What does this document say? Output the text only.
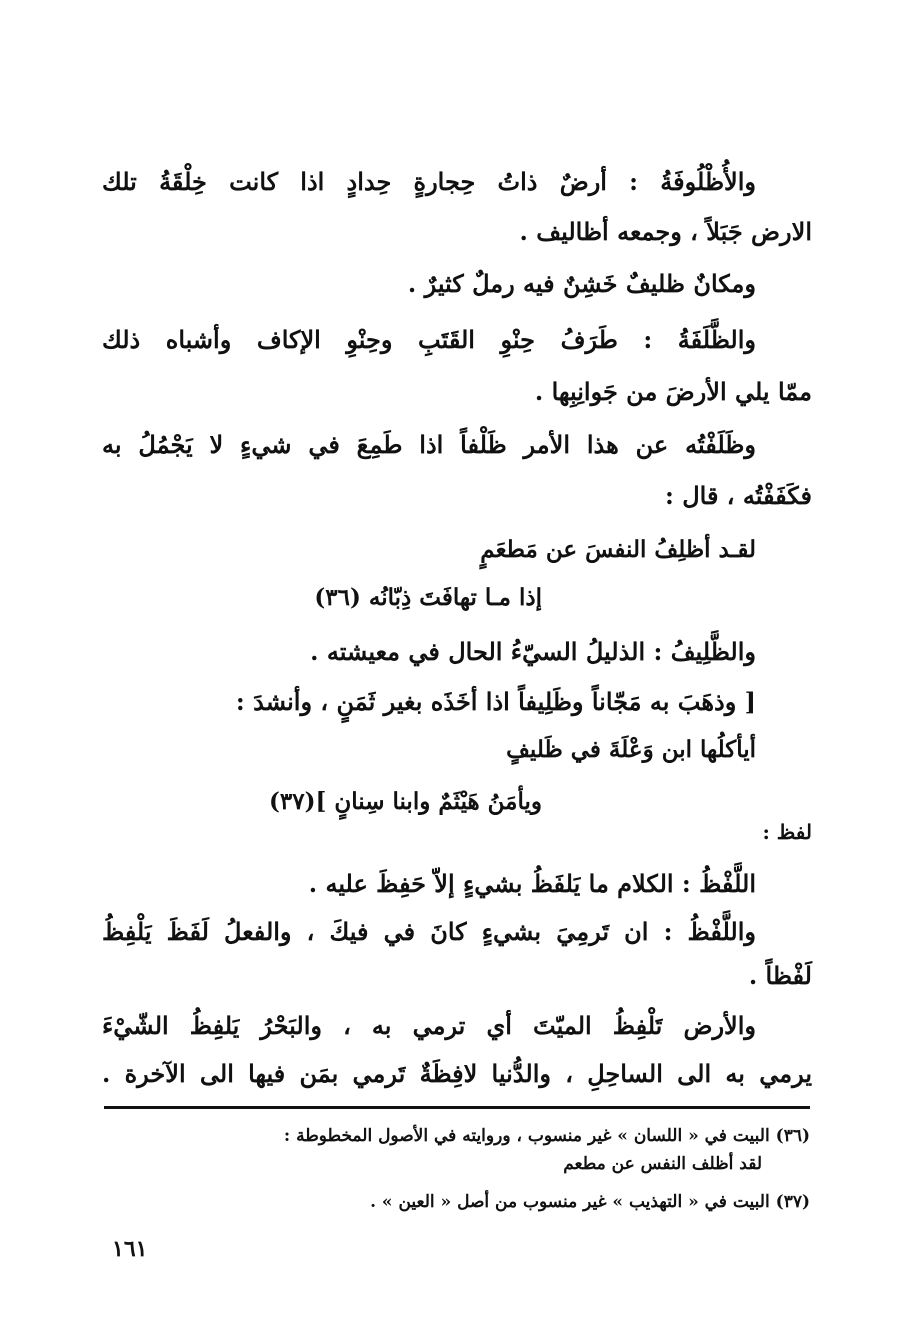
والأُظْلُوفَةُ : أرضٌ ذاتُ حِجارةٍ حِدادٍ اذا كانت خِلْقَةُ تلك
الارض جَبَلاً ، وجمعه أظاليف .
ومكانٌ ظليفٌ خَشِنٌ فيه رملٌ كثيرٌ .
والظَّلَفَةُ : طَرَفُ حِنْوِ القَتَبِ وحِنْوِ الإكاف وأشباه ذلك
ممّا يلي الأرضَ من جَوانِبِها .
وظَلَفْتُه عن هذا الأمر ظَلْفاً اذا طَمِعَ في شيءٍ لا يَجْمُلُ به
فكَفَفْتُه ، قال :
لقـد أظلِفُ النفسَ عن مَطعَمٍ
إذا مـا تهافَتَ ذِبّانُه (٣٦)
والظَّلِيفُ : الذليلُ السيّءُ الحال في معيشته .
[ وذهَبَ به مَجّاناً وظَلِيفاً اذا أخَذَه بغير ثَمَنٍ ، وأنشدَ :
أيأكلُها ابن وَعْلَةَ في ظَليفٍ
ويأمَنُ هَيْثَمٌ وابنا سِنانٍ ](٣٧)
لفظ :
اللَّفْظُ : الكلام ما يَلفَظُ بشيءٍ إلاّ حَفِظَ عليه .
واللَّفْظُ : ان تَرمِيَ بشيءٍ كانَ في فيكَ ، والفعلُ لَفَظَ يَلْفِظُ
لَفْظاً .
والأرض تَلْفِظُ الميّتَ أي ترمي به ، والبَحْرُ يَلفِظُ الشّيْءَ
يرمي به الى الساحِلِ ، والدُّنيا لافِظَةٌ تَرمي بمَن فيها الى الآخرة .
(٣٦) البيت في « اللسان » غير منسوب ، وروايته في الأصول المخطوطة :
لقد أظلف النفس عن مطعم
(٣٧) البيت في « التهذيب » غير منسوب من أصل « العين » .
١٦١
